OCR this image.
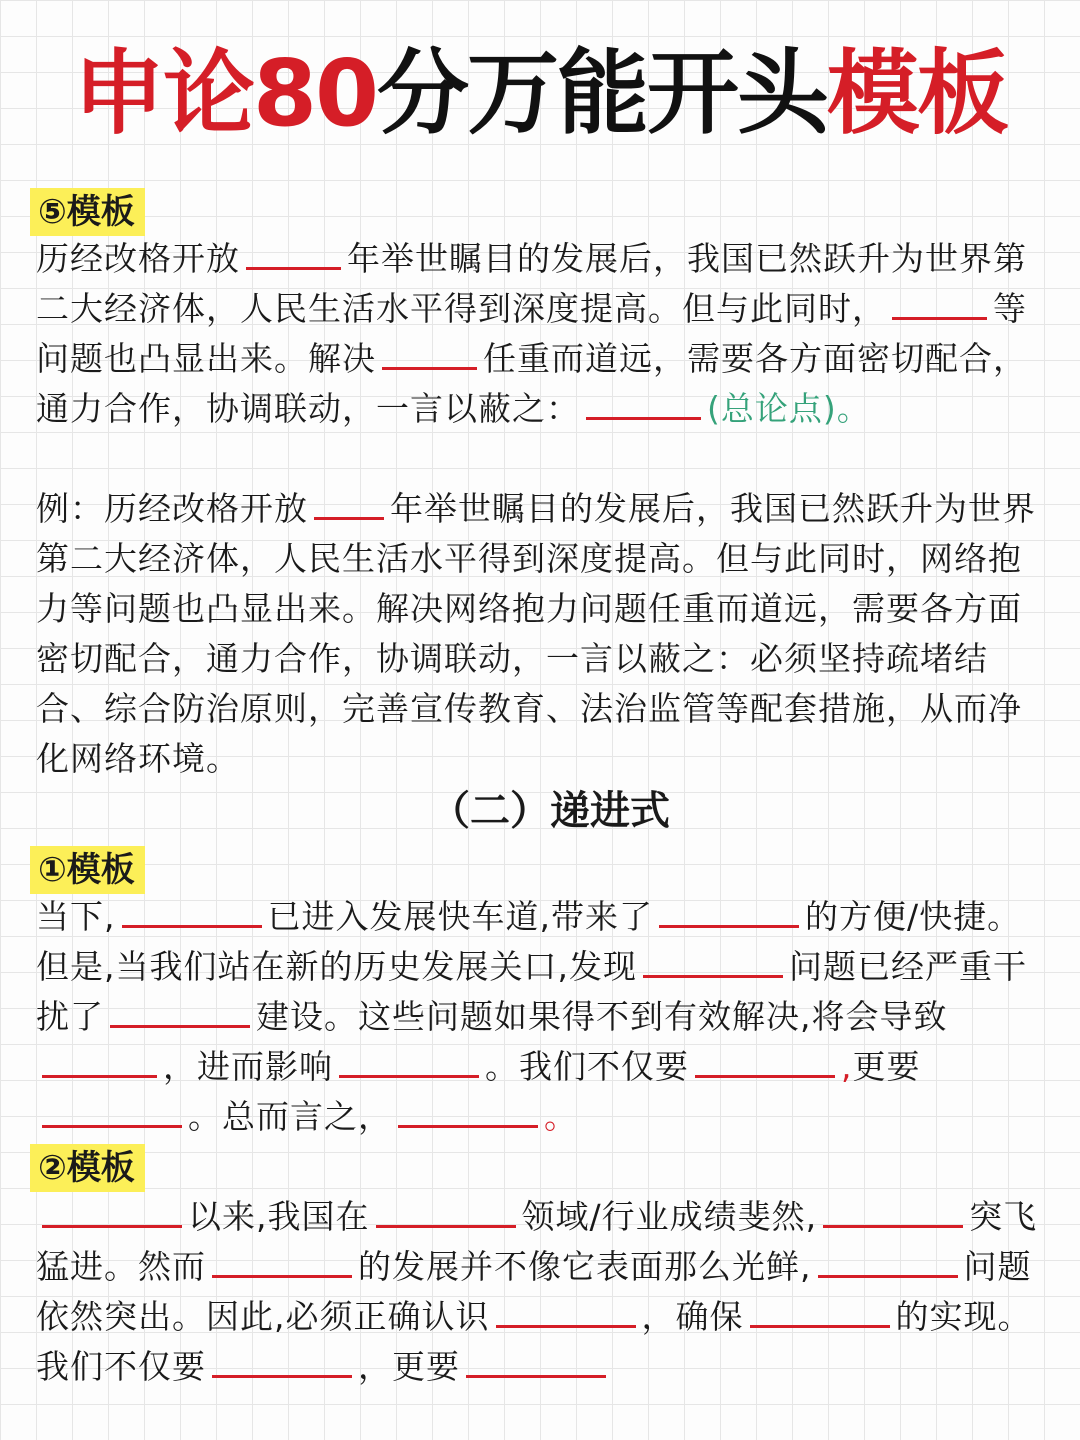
申论80分万能开头模板
⑤模板
历经改格开放	年举世瞩目的发展后，我国已然跃升为世界第二大经济体，人民生活水平得到深度提高。但与此同时，	等问题也凸显出来。解决	任重而道远，需要各方面密切配合，通力合作，协调联动，一言以蔽之：	(总论点)。
例：历经改格开放 年举世瞩目的发展后，我国已然跃升为世界第二大经济体，人民生活水平得到深度提高。但与此同时，网络抱力等问题也凸显出来。解决网络抱力问题任重而道远，需要各方面密切配合，通力合作，协调联动，一言以蔽之：必须坚持疏堵结合、综合防治原则，完善宣传教育、法治监管等配套措施，从而净化网络环境。
（二）递进式
①模板
当下,	已进入发展快车道,带来了	的方便/快捷。但是,当我们站在新的历史发展关口,发现	问题已经严重干扰了	建设。这些问题如果得不到有效解决,将会导致，进而影响	。我们不仅要	,更要。总而言之，	。
②模板
以来,我国在	领域/行业成绩斐然,	突飞猛进。然而	的发展并不像它表面那么光鲜,	问题依然突出。因此,必须正确认识	，确保	的实现。我们不仅要	，更要
